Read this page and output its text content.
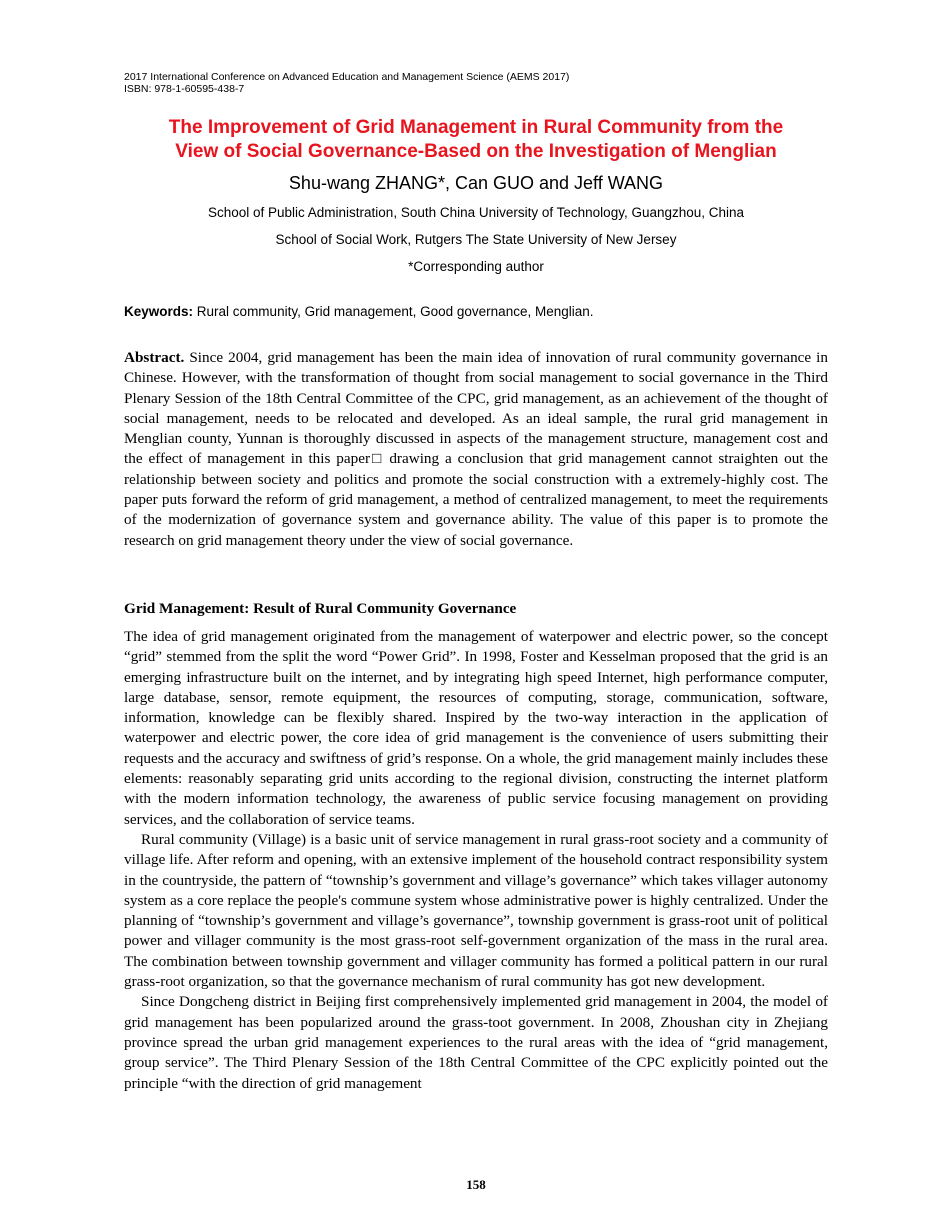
2017 International Conference on Advanced Education and Management Science (AEMS 2017)
ISBN: 978-1-60595-438-7
The Improvement of Grid Management in Rural Community from the
View of Social Governance-Based on the Investigation of Menglian
Shu-wang ZHANG*, Can GUO and Jeff WANG
School of Public Administration, South China University of Technology, Guangzhou, China
School of Social Work, Rutgers The State University of New Jersey
*Corresponding author
Keywords: Rural community, Grid management, Good governance, Menglian.

Abstract. Since 2004, grid management has been the main idea of innovation of rural community governance in Chinese. However, with the transformation of thought from social management to social governance in the Third Plenary Session of the 18th Central Committee of the CPC, grid management, as an achievement of the thought of social management, needs to be relocated and developed. As an ideal sample, the rural grid management in Menglian county, Yunnan is thoroughly discussed in aspects of the management structure, management cost and the effect of management in this paper□ drawing a conclusion that grid management cannot straighten out the relationship between society and politics and promote the social construction with a extremely-highly cost. The paper puts forward the reform of grid management, a method of centralized management, to meet the requirements of the modernization of governance system and governance ability. The value of this paper is to promote the research on grid management theory under the view of social governance.

Grid Management: Result of Rural Community Governance

The idea of grid management originated from the management of waterpower and electric power, so the concept “grid” stemmed from the split the word “Power Grid”. In 1998, Foster and Kesselman proposed that the grid is an emerging infrastructure built on the internet, and by integrating high speed Internet, high performance computer, large database, sensor, remote equipment, the resources of computing, storage, communication, software, information, knowledge can be flexibly shared. Inspired by the two-way interaction in the application of waterpower and electric power, the core idea of grid management is the convenience of users submitting their requests and the accuracy and swiftness of grid’s response. On a whole, the grid management mainly includes these elements: reasonably separating grid units according to the regional division, constructing the internet platform with the modern information technology, the awareness of public service focusing management on providing services, and the collaboration of service teams.

Rural community (Village) is a basic unit of service management in rural grass-root society and a community of village life. After reform and opening, with an extensive implement of the household contract responsibility system in the countryside, the pattern of “township’s government and village’s governance” which takes villager autonomy system as a core replace the people's commune system whose administrative power is highly centralized. Under the planning of “township’s government and village’s governance”, township government is grass-root unit of political power and villager community is the most grass-root self-government organization of the mass in the rural area. The combination between township government and villager community has formed a political pattern in our rural grass-root organization, so that the governance mechanism of rural community has got new development.

Since Dongcheng district in Beijing first comprehensively implemented grid management in 2004, the model of grid management has been popularized around the grass-toot government. In 2008, Zhoushan city in Zhejiang province spread the urban grid management experiences to the rural areas with the idea of “grid management, group service”. The Third Plenary Session of the 18th Central Committee of the CPC explicitly pointed out the principle “with the direction of grid management

158
